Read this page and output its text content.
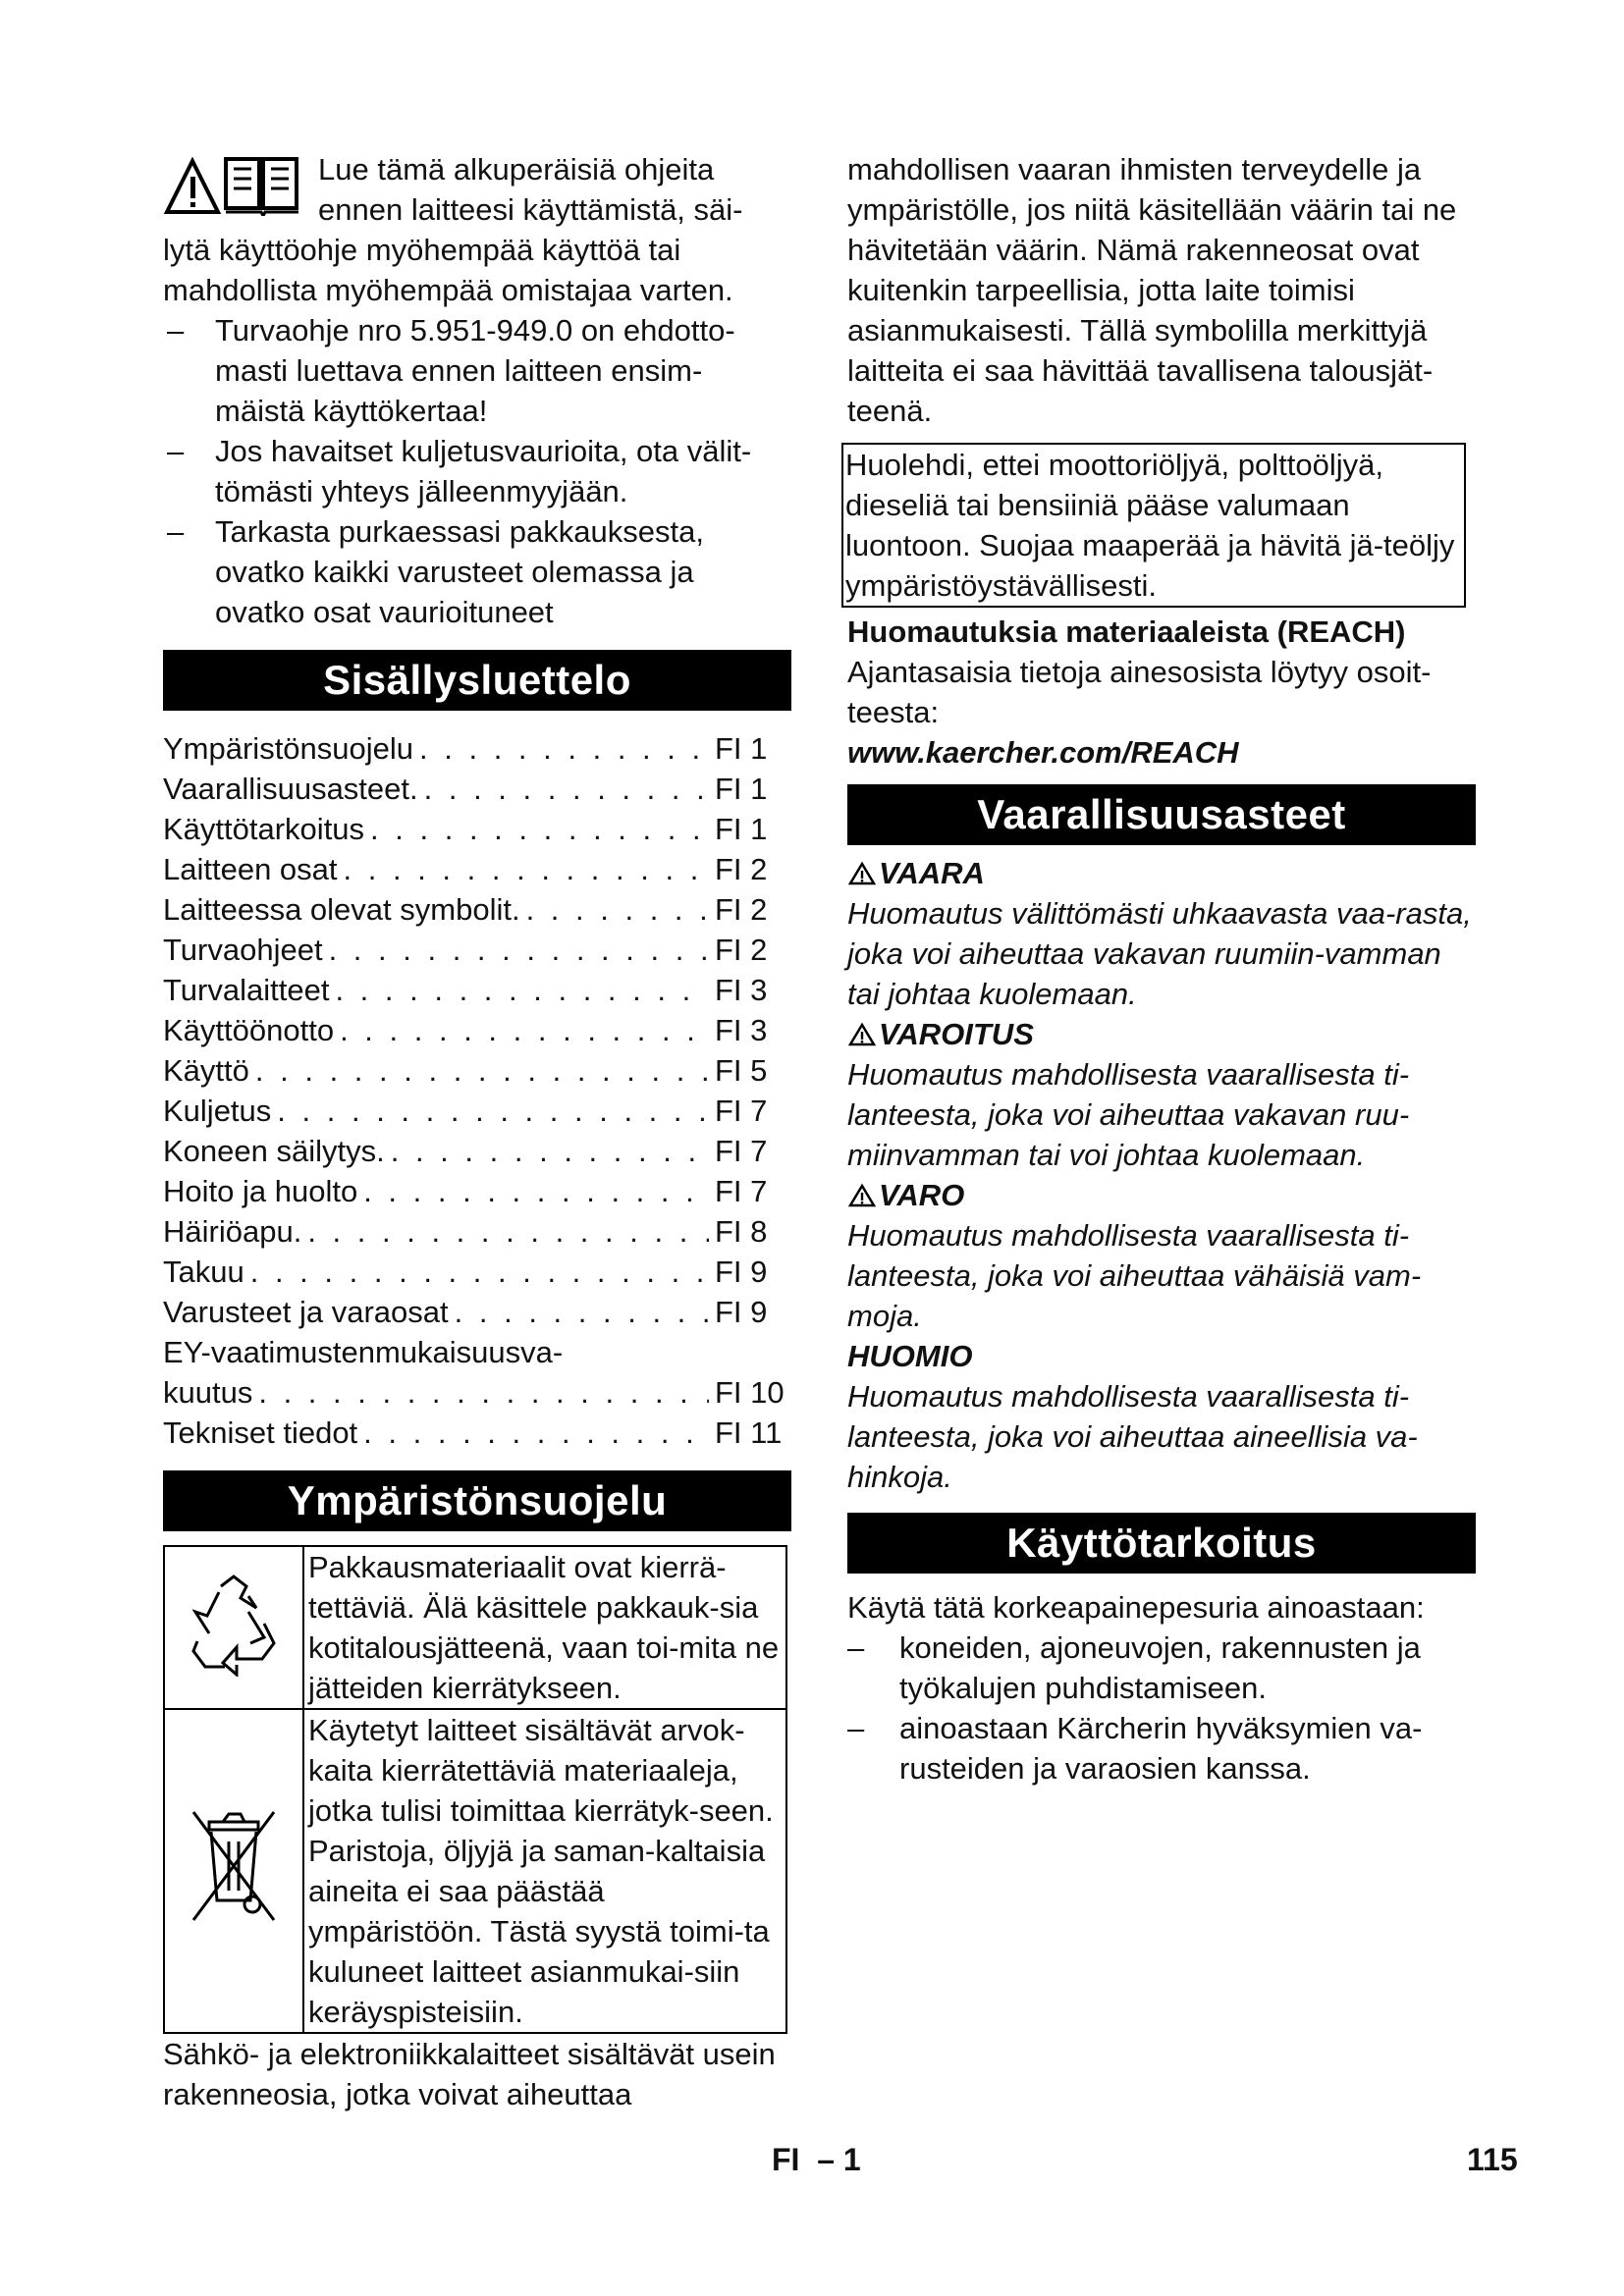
Lue tämä alkuperäisiä ohjeita

ennen laitteesi käyttämistä, säi-

lytä käyttöohje myöhempää käyttöä tai mahdollista myöhempää omistajaa varten.

– Turvaohje nro 5.951-949.0 on ehdotto-masti luettava ennen laitteen ensim-mäistä käyttökertaa!
– Jos havaitset kuljetusvaurioita, ota välit-tömästi yhteys jälleenmyyjään.
– Tarkasta purkaessasi pakkauksesta, ovatko kaikki varusteet olemassa ja ovatko osat vaurioituneet
Sisällysluettelo
Ympäristönsuojelu . . .	FI 1
Vaarallisuusasteet. . . .	FI 1
Käyttötarkoitus . . .	FI 1
Laitteen osat . . .	FI 2
Laitteessa olevat symbolit. . . .	FI 2
Turvaohjeet . . .	FI 2
Turvalaitteet . . .	FI 3
Käyttöönotto . . .	FI 3
Käyttö . . .	FI 5
Kuljetus . . .	FI 7
Koneen säilytys. . . .	FI 7
Hoito ja huolto . . .	FI 7
Häiriöapu. . . .	FI 8
Takuu . . .	FI 9
Varusteet ja varaosat . . .	FI 9
EY-vaatimustenmukaisuusva-
kuutus . . .	FI 10
Tekniset tiedot . . .	FI 11
Ympäristönsuojelu
	Pakkausmateriaalit ovat kierrä-tettäviä. Älä käsittele pakkauk-sia kotitalousjätteenä, vaan toi-mita ne jätteiden kierrätykseen.
	Käytetyt laitteet sisältävät arvok-kaita kierrätettäviä materiaaleja, jotka tulisi toimittaa kierrätyk-seen. Paristoja, öljyjä ja saman-kaltaisia aineita ei saa päästää ympäristöön. Tästä syystä toimi-ta kuluneet laitteet asianmukai-siin keräyspisteisiin.

Sähkö- ja elektroniikkalaitteet sisältävät usein rakenneosia, jotka voivat aiheuttaa

mahdollisen vaaran ihmisten terveydelle ja ympäristölle, jos niitä käsitellään väärin tai ne hävitetään väärin. Nämä rakenneosat ovat kuitenkin tarpeellisia, jotta laite toimisi asianmukaisesti. Tällä symbolilla merkittyjä laitteita ei saa hävittää tavallisena talousjät-teenä.

Huolehdi, ettei moottoriöljyä, polttoöljyä, dieseliä tai bensiiniä pääse valumaan luontoon. Suojaa maaperää ja hävitä jä-teöljy ympäristöystävällisesti.

Huomautuksia materiaaleista (REACH)

Ajantasaisia tietoja ainesosista löytyy osoit-teesta:

www.kaercher.com/REACH

Vaarallisuusasteet
VAARA

Huomautus välittömästi uhkaavasta vaa-rasta, joka voi aiheuttaa vakavan ruumiin-vamman tai johtaa kuolemaan.

VAROITUS

Huomautus mahdollisesta vaarallisesta ti-lanteesta, joka voi aiheuttaa vakavan ruu-miinvamman tai voi johtaa kuolemaan.

VARO

Huomautus mahdollisesta vaarallisesta ti-lanteesta, joka voi aiheuttaa vähäisiä vam-moja.

HUOMIO

Huomautus mahdollisesta vaarallisesta ti-lanteesta, joka voi aiheuttaa aineellisia va-hinkoja.

Käyttötarkoitus

Käytä tätä korkeapainepesuria ainoastaan:

– koneiden, ajoneuvojen, rakennusten ja työkalujen puhdistamiseen.
– ainoastaan Kärcherin hyväksymien va-rusteiden ja varaosien kanssa.
FI – 1	115
